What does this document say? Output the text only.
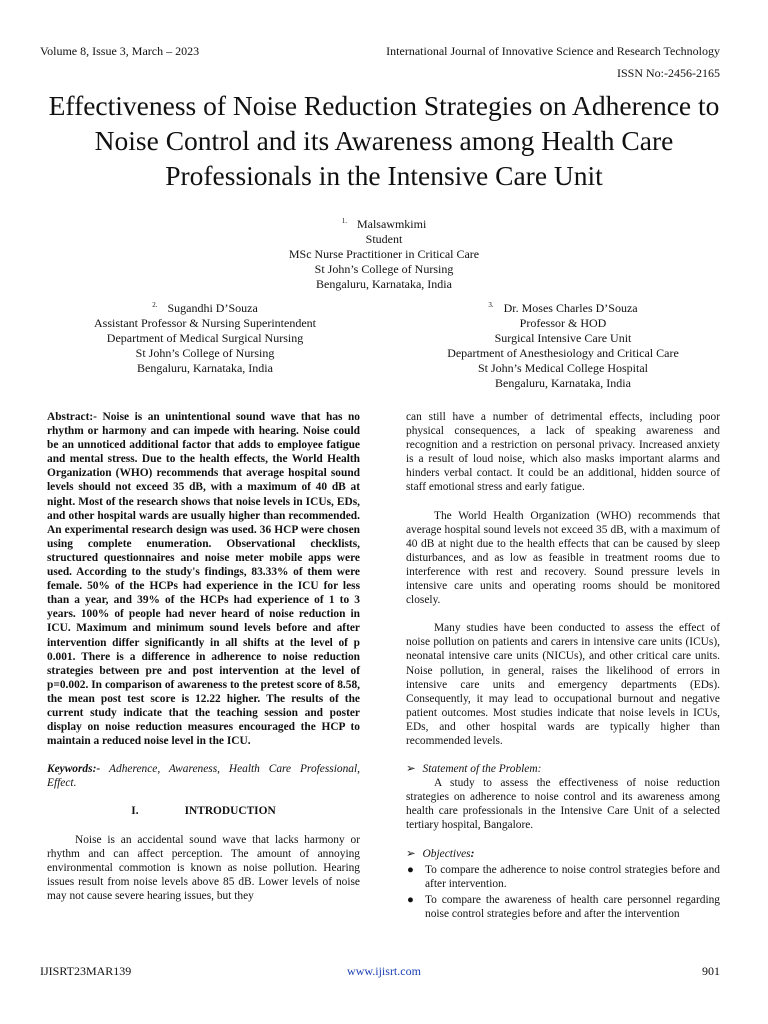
Volume 8, Issue 3, March – 2023	International Journal of Innovative Science and Research Technology
ISSN No:-2456-2165
Effectiveness of Noise Reduction Strategies on Adherence to Noise Control and its Awareness among Health Care Professionals in the Intensive Care Unit
$^{1.}$ Malsawmkimi
Student
MSc Nurse Practitioner in Critical Care
St John’s College of Nursing
Bengaluru, Karnataka, India
$^{2.}$ Sugandhi D’Souza
Assistant Professor & Nursing Superintendent
Department of Medical Surgical Nursing
St John’s College of Nursing
Bengaluru, Karnataka, India
$^{3.}$ Dr. Moses Charles D’Souza
Professor & HOD
Surgical Intensive Care Unit
Department of Anesthesiology and Critical Care
St John’s Medical College Hospital
Bengaluru, Karnataka, India

Abstract:- Noise is an unintentional sound wave that has no rhythm or harmony and can impede with hearing. Noise could be an unnoticed additional factor that adds to employee fatigue and mental stress. Due to the health effects, the World Health Organization (WHO) recommends that average hospital sound levels should not exceed 35 dB, with a maximum of 40 dB at night. Most of the research shows that noise levels in ICUs, EDs, and other hospital wards are usually higher than recommended. An experimental research design was used. 36 HCP were chosen using complete enumeration. Observational checklists, structured questionnaires and noise meter mobile apps were used. According to the study's findings, 83.33% of them were female. 50% of the HCPs had experience in the ICU for less than a year, and 39% of the HCPs had experience of 1 to 3 years. 100% of people had never heard of noise reduction in ICU. Maximum and minimum sound levels before and after intervention differ significantly in all shifts at the level of p 0.001. There is a difference in adherence to noise reduction strategies between pre and post intervention at the level of p=0.002. In comparison of awareness to the pretest score of 8.58, the mean post test score is 12.22 higher. The results of the current study indicate that the teaching session and poster display on noise reduction measures encouraged the HCP to maintain a reduced noise level in the ICU.

Keywords:- Adherence, Awareness, Health Care Professional, Effect.

I.	INTRODUCTION

Noise is an accidental sound wave that lacks harmony or rhythm and can affect perception. The amount of annoying environmental commotion is known as noise pollution. Hearing issues result from noise levels above 85 dB. Lower levels of noise may not cause severe hearing issues, but they

can still have a number of detrimental effects, including poor physical consequences, a lack of speaking awareness and recognition and a restriction on personal privacy. Increased anxiety is a result of loud noise, which also masks important alarms and hinders verbal contact. It could be an additional, hidden source of staff emotional stress and early fatigue.

The World Health Organization (WHO) recommends that average hospital sound levels not exceed 35 dB, with a maximum of 40 dB at night due to the health effects that can be caused by sleep disturbances, and as low as feasible in treatment rooms due to interference with rest and recovery. Sound pressure levels in intensive care units and operating rooms should be monitored closely.

Many studies have been conducted to assess the effect of noise pollution on patients and carers in intensive care units (ICUs), neonatal intensive care units (NICUs), and other critical care units. Noise pollution, in general, raises the likelihood of errors in intensive care units and emergency departments (EDs). Consequently, it may lead to occupational burnout and negative patient outcomes. Most studies indicate that noise levels in ICUs, EDs, and other hospital wards are typically higher than recommended levels.

➢ Statement of the Problem:

A study to assess the effectiveness of noise reduction strategies on adherence to noise control and its awareness among health care professionals in the Intensive Care Unit of a selected tertiary hospital, Bangalore.

➢ Objectives:

● To compare the adherence to noise control strategies before and after intervention.
● To compare the awareness of health care personnel regarding noise control strategies before and after the intervention
IJISRT23MAR139	www.ijisrt.com	901
